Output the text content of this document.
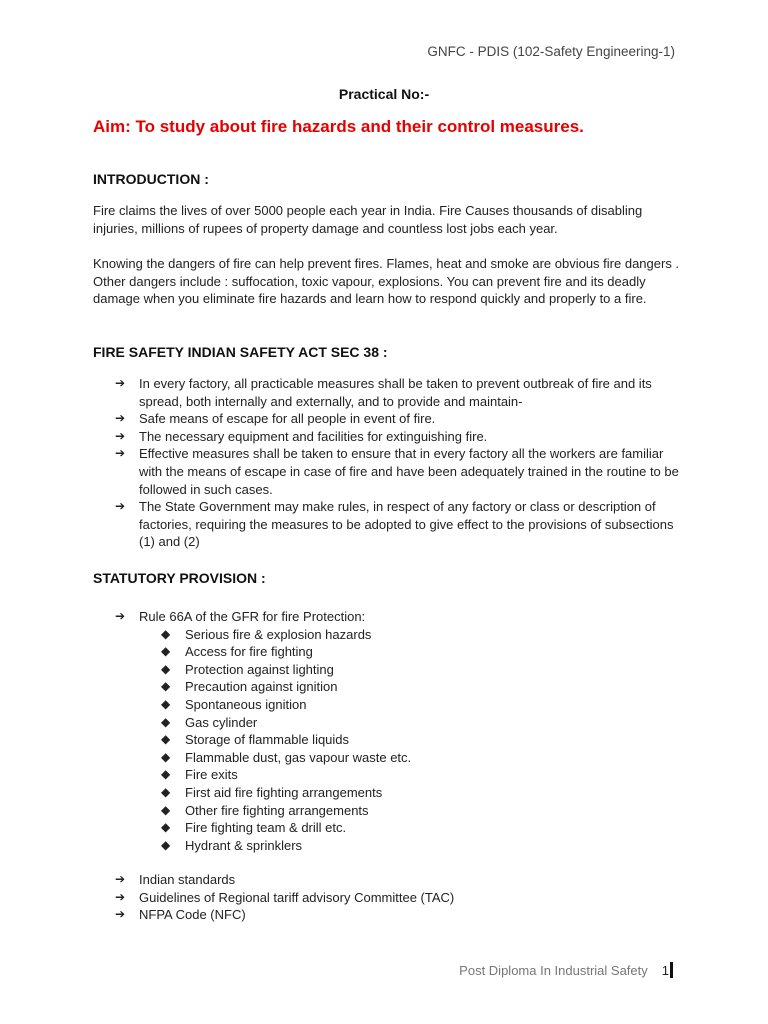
GNFC - PDIS (102-Safety Engineering-1)
Practical No:-
Aim: To study about fire hazards and their control measures.
INTRODUCTION :

Fire claims the lives of over 5000 people each year in India. Fire Causes thousands of disabling injuries, millions of rupees of property damage and countless lost jobs each year.

Knowing the dangers of fire can help prevent fires. Flames, heat and smoke are obvious fire dangers . Other dangers include : suffocation, toxic vapour, explosions. You can prevent fire and its deadly damage when you eliminate fire hazards and learn how to respond quickly and properly to a fire.

FIRE SAFETY INDIAN SAFETY ACT SEC 38 :
➔ In every factory, all practicable measures shall be taken to prevent outbreak of fire and its spread, both internally and externally, and to provide and maintain-
➔ Safe means of escape for all people in event of fire.
➔ The necessary equipment and facilities for extinguishing fire.
➔ Effective measures shall be taken to ensure that in every factory all the workers are familiar with the means of escape in case of fire and have been adequately trained in the routine to be followed in such cases.
➔ The State Government may make rules, in respect of any factory or class or description of factories, requiring the measures to be adopted to give effect to the provisions of subsections (1) and (2)
STATUTORY PROVISION :
➔ Rule 66A of the GFR for fire Protection:
◆ Serious fire & explosion hazards
◆ Access for fire fighting
◆ Protection against lighting
◆ Precaution against ignition
◆ Spontaneous ignition
◆ Gas cylinder
◆ Storage of flammable liquids
◆ Flammable dust, gas vapour waste etc.
◆ Fire exits
◆ First aid fire fighting arrangements
◆ Other fire fighting arrangements
◆ Fire fighting team & drill etc.
◆ Hydrant & sprinklers
➔ Indian standards
➔ Guidelines of Regional tariff advisory Committee (TAC)
➔ NFPA Code (NFC)
Post Diploma In Industrial Safety 1
